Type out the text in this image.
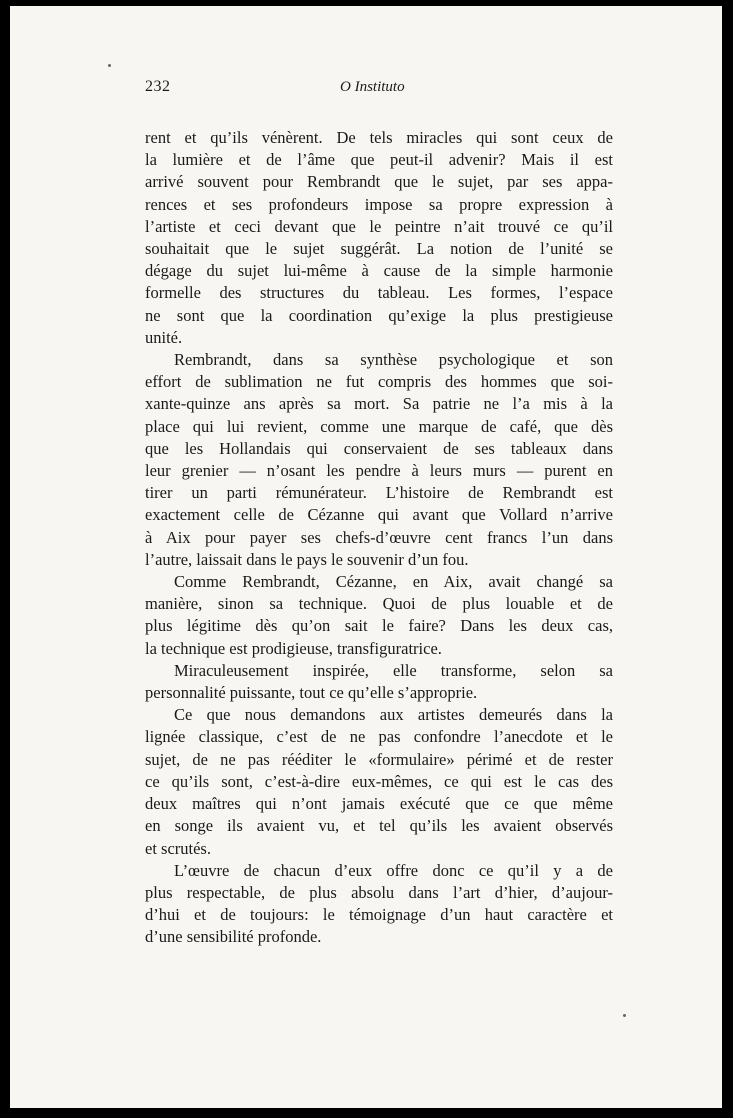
232	O Instituto

rent et qu’ils vénèrent. De tels miracles qui sont ceux de
la lumière et de l’âme que peut-il advenir? Mais il est
arrivé souvent pour Rembrandt que le sujet, par ses appa-
rences et ses profondeurs impose sa propre expression à
l’artiste et ceci devant que le peintre n’ait trouvé ce qu’il
souhaitait que le sujet suggérât. La notion de l’unité se
dégage du sujet lui-même à cause de la simple harmonie
formelle des structures du tableau. Les formes, l’espace
ne sont que la coordination qu’exige la plus prestigieuse
unité.

Rembrandt, dans sa synthèse psychologique et son
effort de sublimation ne fut compris des hommes que soi-
xante-quinze ans après sa mort. Sa patrie ne l’a mis à la
place qui lui revient, comme une marque de café, que dès
que les Hollandais qui conservaient de ses tableaux dans
leur grenier — n’osant les pendre à leurs murs — purent en
tirer un parti rémunérateur. L’histoire de Rembrandt est
exactement celle de Cézanne qui avant que Vollard n’arrive
à Aix pour payer ses chefs-d’œuvre cent francs l’un dans
l’autre, laissait dans le pays le souvenir d’un fou.

Comme Rembrandt, Cézanne, en Aix, avait changé sa
manière, sinon sa technique. Quoi de plus louable et de
plus légitime dès qu’on sait le faire? Dans les deux cas,
la technique est prodigieuse, transfiguratrice.

Miraculeusement inspirée, elle transforme, selon sa
personnalité puissante, tout ce qu’elle s’approprie.

Ce que nous demandons aux artistes demeurés dans la
lignée classique, c’est de ne pas confondre l’anecdote et le
sujet, de ne pas rééditer le «formulaire» périmé et de rester
ce qu’ils sont, c’est-à-dire eux-mêmes, ce qui est le cas des
deux maîtres qui n’ont jamais exécuté que ce que même
en songe ils avaient vu, et tel qu’ils les avaient observés
et scrutés.

L’œuvre de chacun d’eux offre donc ce qu’il y a de
plus respectable, de plus absolu dans l’art d’hier, d’aujour-
d’hui et de toujours: le témoignage d’un haut caractère et
d’une sensibilité profonde.
